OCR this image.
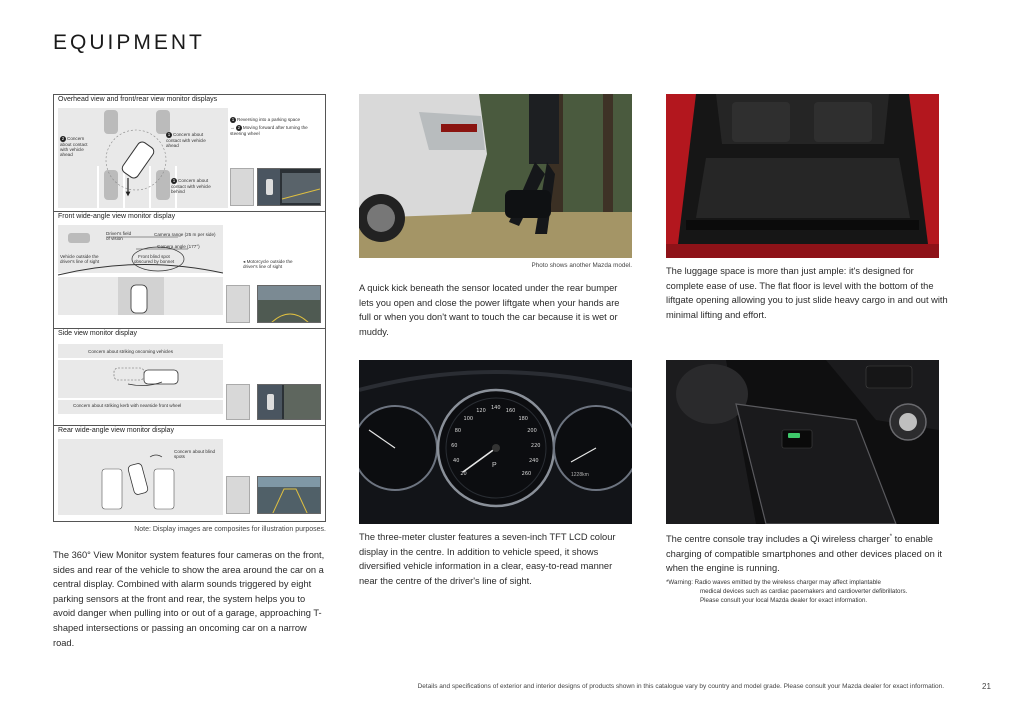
EQUIPMENT
Overhead view and front/rear view monitor displays
2 Concern about contact with vehicle ahead
1 Concern about contact with vehicle ahead
1 Concern about contact with vehicle behind
1 Reversing into a parking space
→ 2 Moving forward after turning the steering wheel
Front wide-angle view monitor display
Driver's field of vision
Camera range (25 m per side)
Camera angle (177°)
Vehicle outside the driver's line of sight
Front blind spot obscured by bonnet	◂ Motorcycle outside the driver's line of sight
Side view monitor display
Concern about striking oncoming vehicles
Concern about striking kerb with nearside front wheel
Rear wide-angle view monitor display
Concern about blind spots
Note: Display images are composites for illustration purposes.
The 360° View Monitor system features four cameras on the front, sides and rear of the vehicle to show the area around the car on a central display. Combined with alarm sounds triggered by eight parking sensors at the front and rear, the system helps you to avoid danger when pulling into or out of a garage, approaching T-shaped intersections or passing an oncoming car on a narrow road.
Photo shows another Mazda model.
A quick kick beneath the sensor located under the rear bumper lets you open and close the power liftgate when your hands are full or when you don't want to touch the car because it is wet or muddy.
The luggage space is more than just ample: it's designed for complete ease of use. The flat floor is level with the bottom of the liftgate opening allowing you to just slide heavy cargo in and out with minimal lifting and effort.
20
40
60
80
100
120 140 160
180
200
220
240
260
P
1228km
The three-meter cluster features a seven-inch TFT LCD colour display in the centre. In addition to vehicle speed, it shows diversified vehicle information in a clear, easy-to-read manner near the centre of the driver's line of sight.
The centre console tray includes a Qi wireless charger* to enable charging of compatible smartphones and other devices placed on it when the engine is running.
*Warning: Radio waves emitted by the wireless charger may affect implantable
medical devices such as cardiac pacemakers and cardioverter defibrillators.
Please consult your local Mazda dealer for exact information.
Details and specifications of exterior and interior designs of products shown in this catalogue vary by country and model grade. Please consult your Mazda dealer for exact information.	21
